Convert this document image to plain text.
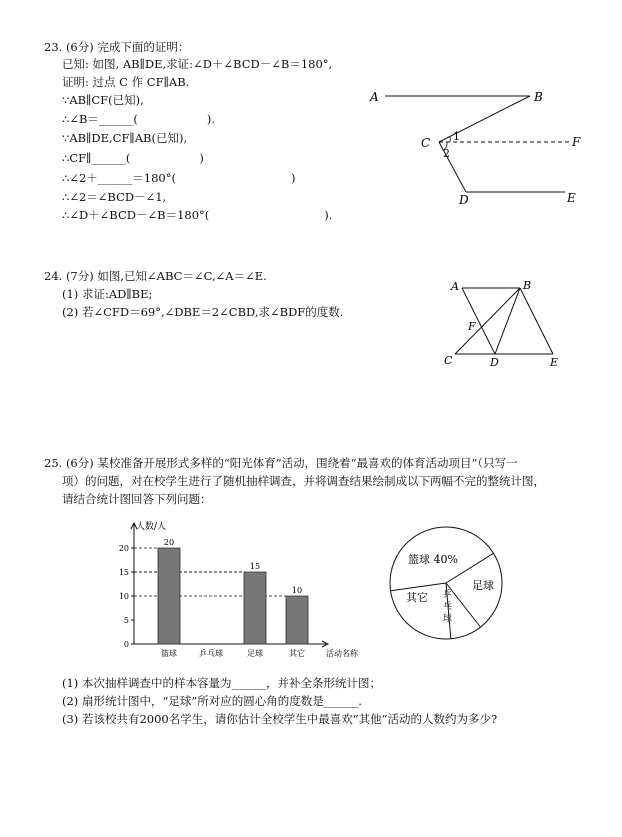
23. (6分) 完成下面的证明：
已知: 如图, AB∥DE,求证:∠D＋∠BCD－∠B＝180°,
证明: 过点 C 作 CF∥AB.
∵AB∥CF(已知),
∴∠B＝______(　　　　　　).
∵AB∥DE,CF∥AB(已知),
∴CF∥______(　　　　　　)
∴∠2＋______＝180°(　　　　　　　　　　)
∴∠2＝∠BCD－∠1,
∴∠D＋∠BCD－∠B＝180°(　　　　　　　　　　).
A	B
C	F
1
2
D	E
24. (7分) 如图,已知∠ABC＝∠C,∠A＝∠E.
(1) 求证:AD∥BE;
(2) 若∠CFD＝69°,∠DBE＝2∠CBD,求∠BDF的度数.
A	B
F
C	D	E
25. (6分) 某校准备开展形式多样的“阳光体育”活动，围绕着“最喜欢的体育活动项目”（只写一
项）的问题，对在校学生进行了随机抽样调查，并将调查结果绘制成以下两幅不完的整统计图，
请结合统计图回答下列问题：
人数/人
活动名称
0
5
10
15
20
20
篮球	乒乓球
15
足球
10
其它
篮球 40%
足球
乒
乓
球
其它
(1) 本次抽样调查中的样本容量为______，并补全条形统计图；
(2) 扇形统计图中，“足球”所对应的圆心角的度数是______.
(3) 若该校共有2000名学生，请你估计全校学生中最喜欢“其他”活动的人数约为多少?
